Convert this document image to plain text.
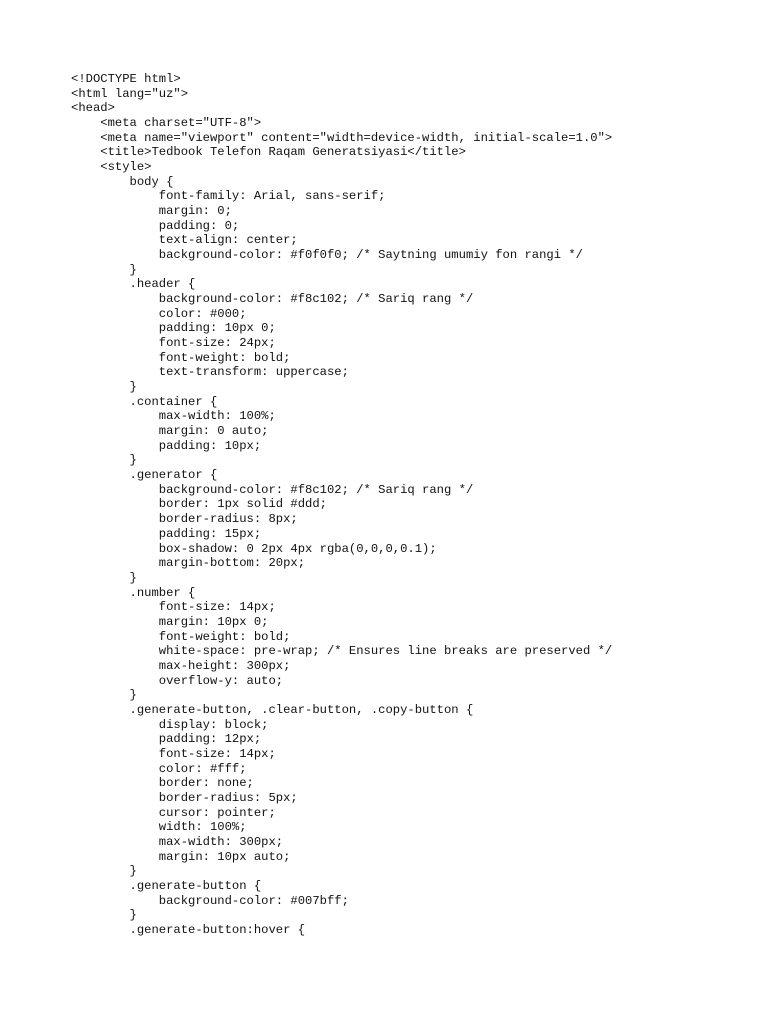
<!DOCTYPE html>
<html lang="uz">
<head>
<meta charset="UTF-8">
<meta name="viewport" content="width=device-width, initial-scale=1.0">
<title>Tedbook Telefon Raqam Generatsiyasi</title>
<style>
body {
font-family: Arial, sans-serif;
margin: 0;
padding: 0;
text-align: center;
background-color: #f0f0f0; /* Saytning umumiy fon rangi */
}
.header {
background-color: #f8c102; /* Sariq rang */
color: #000;
padding: 10px 0;
font-size: 24px;
font-weight: bold;
text-transform: uppercase;
}
.container {
max-width: 100%;
margin: 0 auto;
padding: 10px;
}
.generator {
background-color: #f8c102; /* Sariq rang */
border: 1px solid #ddd;
border-radius: 8px;
padding: 15px;
box-shadow: 0 2px 4px rgba(0,0,0,0.1);
margin-bottom: 20px;
}
.number {
font-size: 14px;
margin: 10px 0;
font-weight: bold;
white-space: pre-wrap; /* Ensures line breaks are preserved */
max-height: 300px;
overflow-y: auto;
}
.generate-button, .clear-button, .copy-button {
display: block;
padding: 12px;
font-size: 14px;
color: #fff;
border: none;
border-radius: 5px;
cursor: pointer;
width: 100%;
max-width: 300px;
margin: 10px auto;
}
.generate-button {
background-color: #007bff;
}
.generate-button:hover {
